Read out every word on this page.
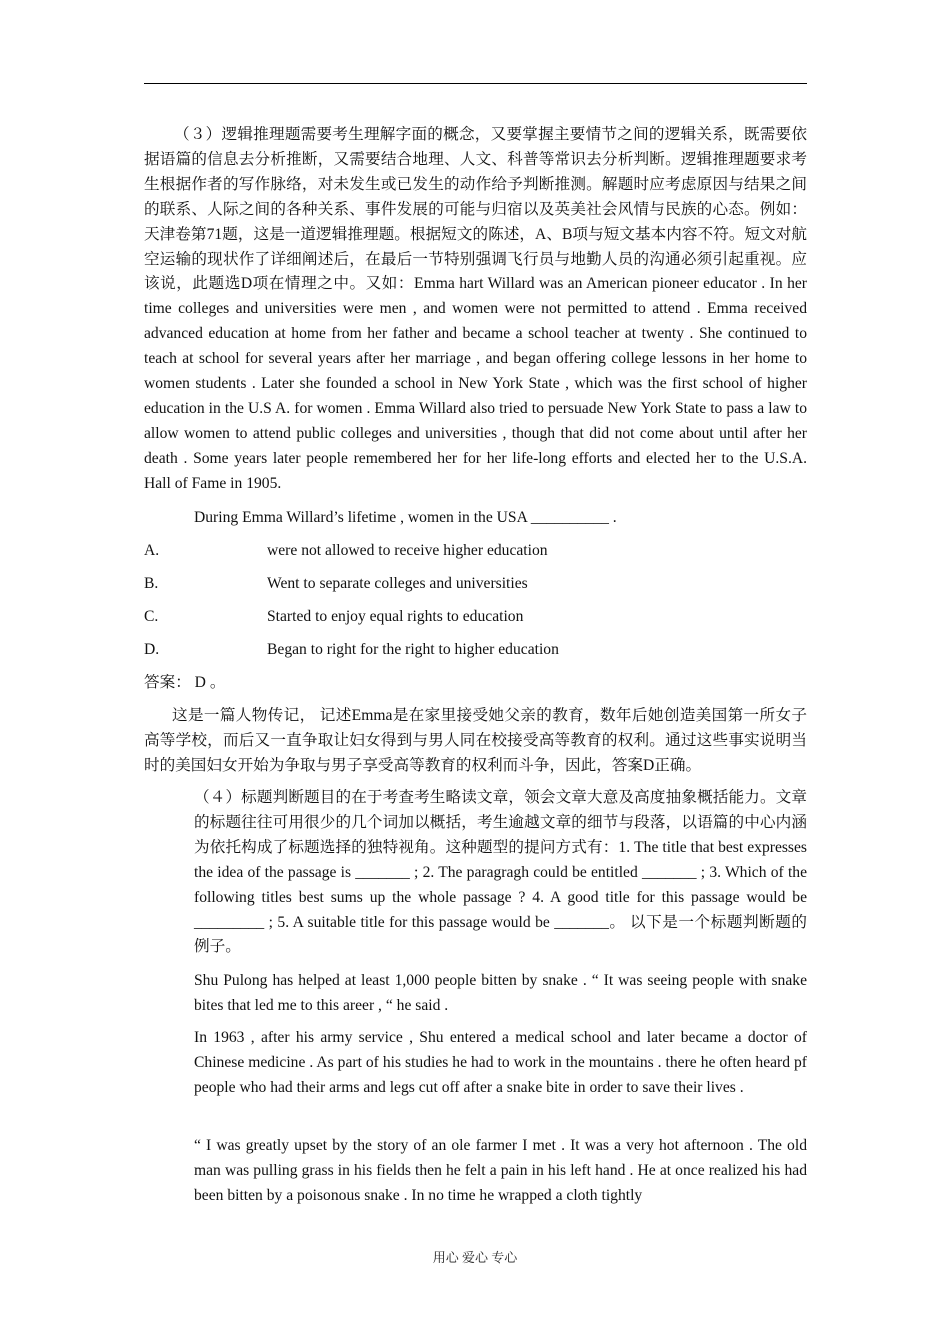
（３）逻辑推理题需要考生理解字面的概念，又要掌握主要情节之间的逻辑关系，既需要依据语篇的信息去分析推断，又需要结合地理、人文、科普等常识去分析判断。逻辑推理题要求考生根据作者的写作脉络，对未发生或已发生的动作给予判断推测。解题时应考虑原因与结果之间的联系、人际之间的各种关系、事件发展的可能与归宿以及英美社会风情与民族的心态。例如：天津卷第71题，这是一道逻辑推理题。根据短文的陈述，A、B项与短文基本内容不符。短文对航空运输的现状作了详细阐述后，在最后一节特别强调飞行员与地勤人员的沟通必须引起重视。应该说，此题选D项在情理之中。又如：Emma hart Willard was an American pioneer educator . In her time colleges and universities were men , and women were not permitted to attend . Emma received advanced education at home from her father and became a school teacher at twenty . She continued to teach at school for several years after her marriage , and began offering college lessons in her home to women students . Later she founded a school in New York State , which was the first school of higher education in the U.S A. for women . Emma Willard also tried to persuade New York State to pass a law to allow women to attend public colleges and universities , though that did not come about until after her death . Some years later people remembered her for her life-long efforts and elected her to the U.S.A. Hall of Fame in 1905.

During Emma Willard’s lifetime , women in the USA __________ .
A.	were not allowed to receive higher education
B.	Went to separate colleges and universities
C.	Started to enjoy equal rights to education
D.	Began to right for the right to higher education
答案： D 。

这是一篇人物传记， 记述Emma是在家里接受她父亲的教育，数年后她创造美国第一所女子高等学校，而后又一直争取让妇女得到与男人同在校接受高等教育的权利。通过这些事实说明当时的美国妇女开始为争取与男子享受高等教育的权利而斗争，因此，答案D正确。

（４）标题判断题目的在于考查考生略读文章，领会文章大意及高度抽象概括能力。文章的标题往往可用很少的几个词加以概括，考生逾越文章的细节与段落，以语篇的中心内涵为依托构成了标题选择的独特视角。这种题型的提问方式有：1. The title that best expresses the idea of the passage is _______ ; 2. The paragragh could be entitled _______ ; 3. Which of the following titles best sums up the whole passage ? 4. A good title for this passage would be _________ ; 5. A suitable title for this passage would be _______。 以下是一个标题判断题的例子。

Shu Pulong has helped at least 1,000 people bitten by snake . “ It was seeing people with snake bites that led me to this areer , “ he said .

In 1963 , after his army service , Shu entered a medical school and later became a doctor of Chinese medicine . As part of his studies he had to work in the mountains . there he often heard pf people who had their arms and legs cut off after a snake bite in order to save their lives .

“ I was greatly upset by the story of an ole farmer I met . It was a very hot afternoon . The old man was pulling grass in his fields then he felt a pain in his left hand . He at once realized his had been bitten by a poisonous snake . In no time he wrapped a cloth tightly

用心 爱心 专心
